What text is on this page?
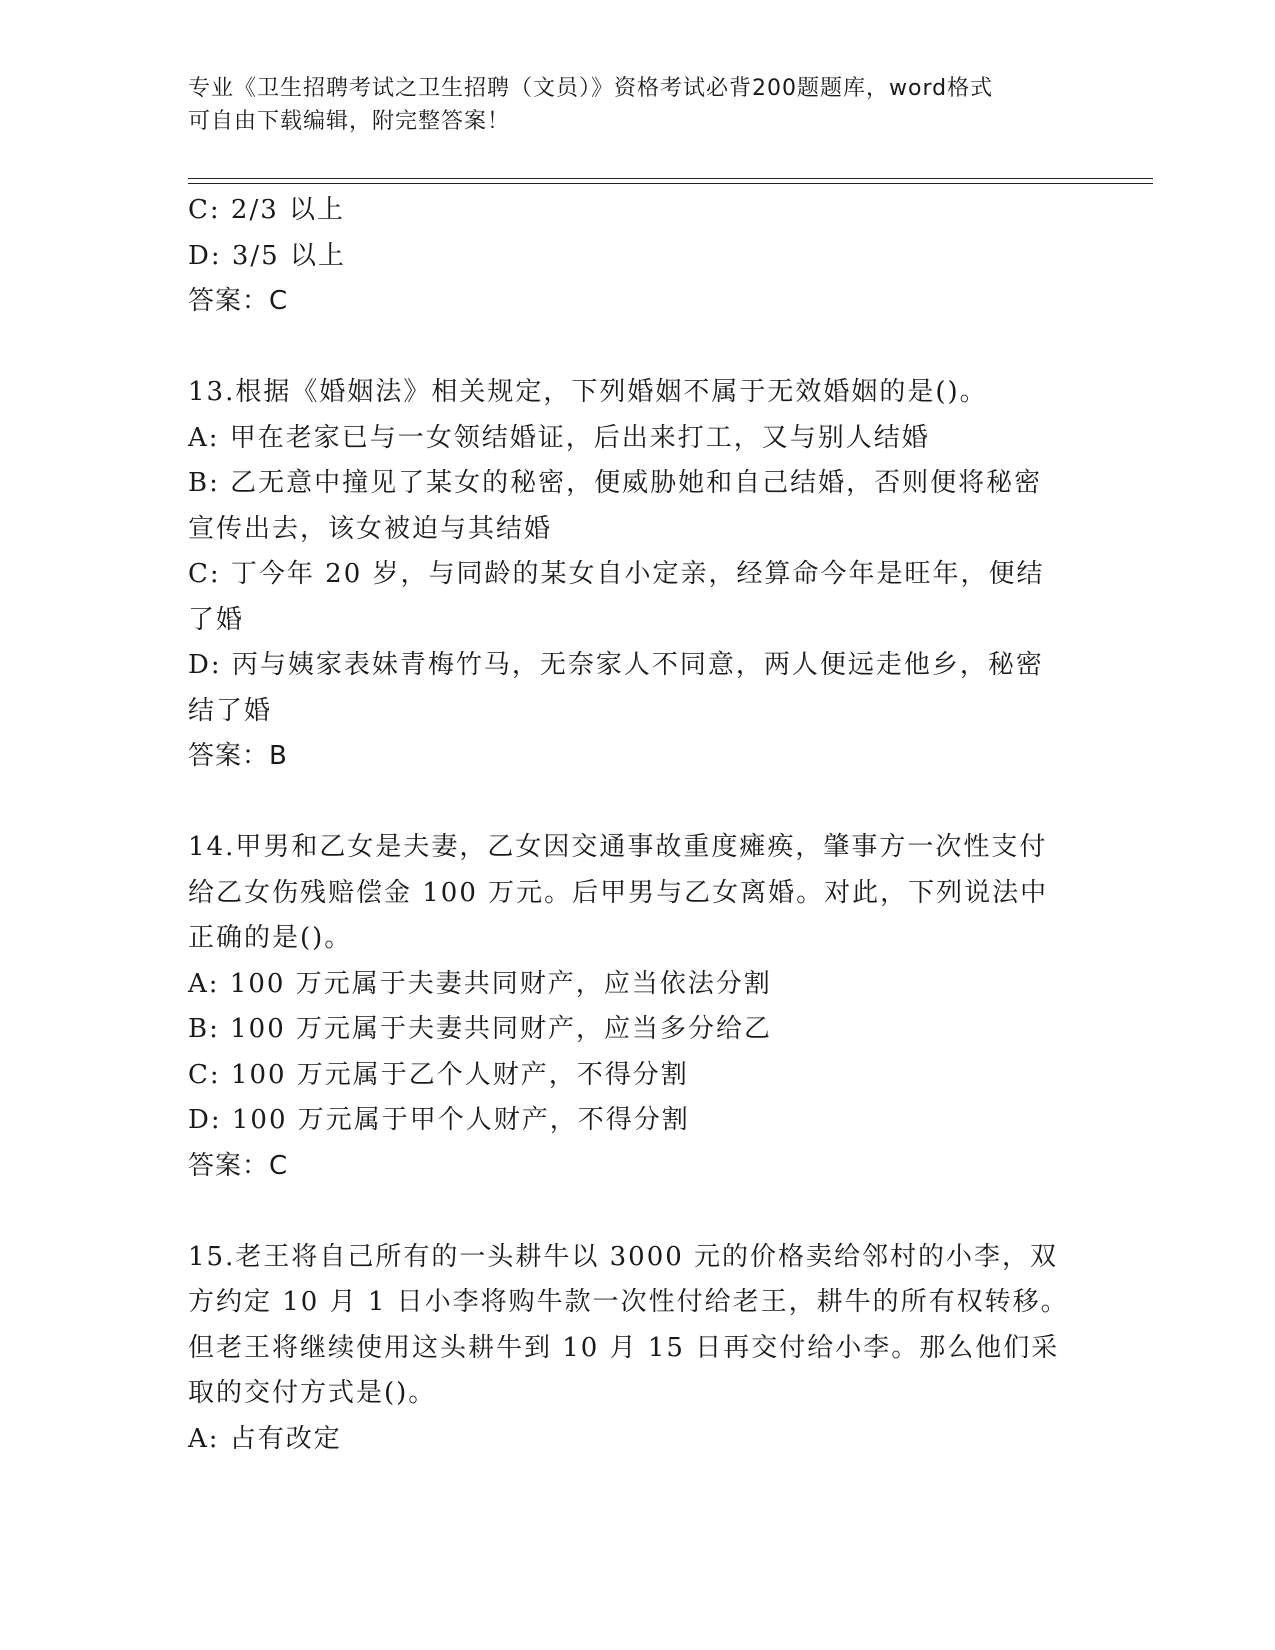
专业《卫生招聘考试之卫生招聘（文员）》资格考试必背200题题库，word格式
可自由下载编辑，附完整答案！
C: 2/3 以上
D: 3/5 以上
答案：C
13.根据《婚姻法》相关规定，下列婚姻不属于无效婚姻的是()。
A: 甲在老家已与一女领结婚证，后出来打工，又与别人结婚
B: 乙无意中撞见了某女的秘密，便威胁她和自己结婚，否则便将秘密
宣传出去，该女被迫与其结婚
C: 丁今年 20 岁，与同龄的某女自小定亲，经算命今年是旺年，便结
了婚
D: 丙与姨家表妹青梅竹马，无奈家人不同意，两人便远走他乡，秘密
结了婚
答案：B
14.甲男和乙女是夫妻，乙女因交通事故重度瘫痪，肇事方一次性支付
给乙女伤残赔偿金 100 万元。后甲男与乙女离婚。对此，下列说法中
正确的是()。
A: 100 万元属于夫妻共同财产，应当依法分割
B: 100 万元属于夫妻共同财产，应当多分给乙
C: 100 万元属于乙个人财产，不得分割
D: 100 万元属于甲个人财产，不得分割
答案：C
15.老王将自己所有的一头耕牛以 3000 元的价格卖给邻村的小李，双
方约定 10 月 1 日小李将购牛款一次性付给老王，耕牛的所有权转移。
但老王将继续使用这头耕牛到 10 月 15 日再交付给小李。那么他们采
取的交付方式是()。
A: 占有改定
